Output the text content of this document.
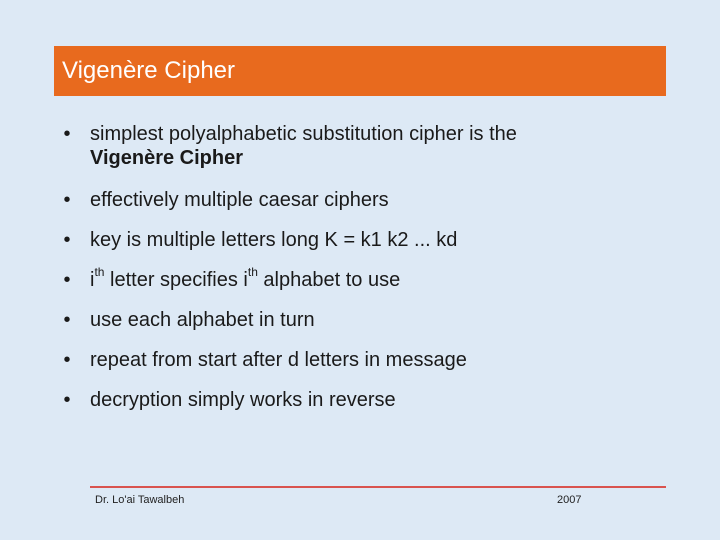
Vigenère Cipher
• simplest polyalphabetic substitution cipher is the
Vigenère Cipher
• effectively multiple caesar ciphers
• key is multiple letters long K = k1 k2 ... kd
• $i^{th}$ letter specifies $i^{th}$ alphabet to use
• use each alphabet in turn
• repeat from start after d letters in message
• decryption simply works in reverse
Dr. Lo'ai Tawalbeh	2007
